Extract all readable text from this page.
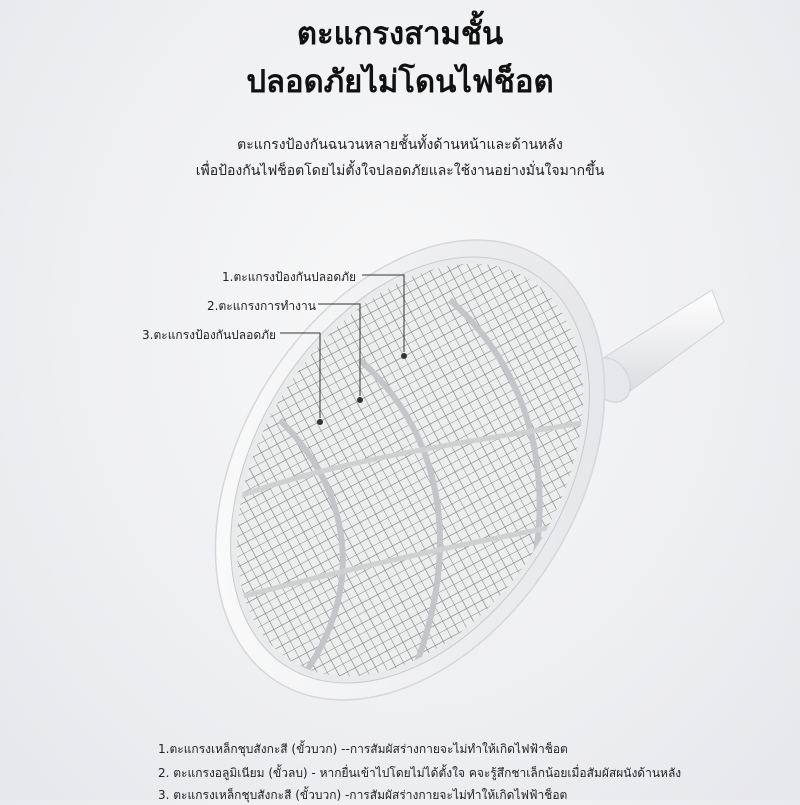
ตะแกรงสามชั้น
ปลอดภัยไม่โดนไฟช็อต
ตะแกรงป้องกันฉนวนหลายชั้นทั้งด้านหน้าและด้านหลัง
เพื่อป้องกันไฟช็อตโดยไม่ตั้งใจปลอดภัยและใช้งานอย่างมั่นใจมากขึ้น
1.ตะแกรงป้องกันปลอดภัย
2.ตะแกรงการทำงาน
3.ตะแกรงป้องกันปลอดภัย
1.ตะแกรงเหล็กชุบสังกะสี (ขั้วบวก) --การสัมผัสร่างกายจะไม่ทำให้เกิดไฟฟ้าช็อต
2. ตะแกรงอลูมิเนียม (ขั้วลบ) - หากยื่นเข้าไปโดยไม่ได้ตั้งใจ คจะรู้สึกชาเล็กน้อยเมื่อสัมผัสผนังด้านหลัง
3. ตะแกรงเหล็กชุบสังกะสี (ขั้วบวก) -การสัมผัสร่างกายจะไม่ทำให้เกิดไฟฟ้าช็อต
